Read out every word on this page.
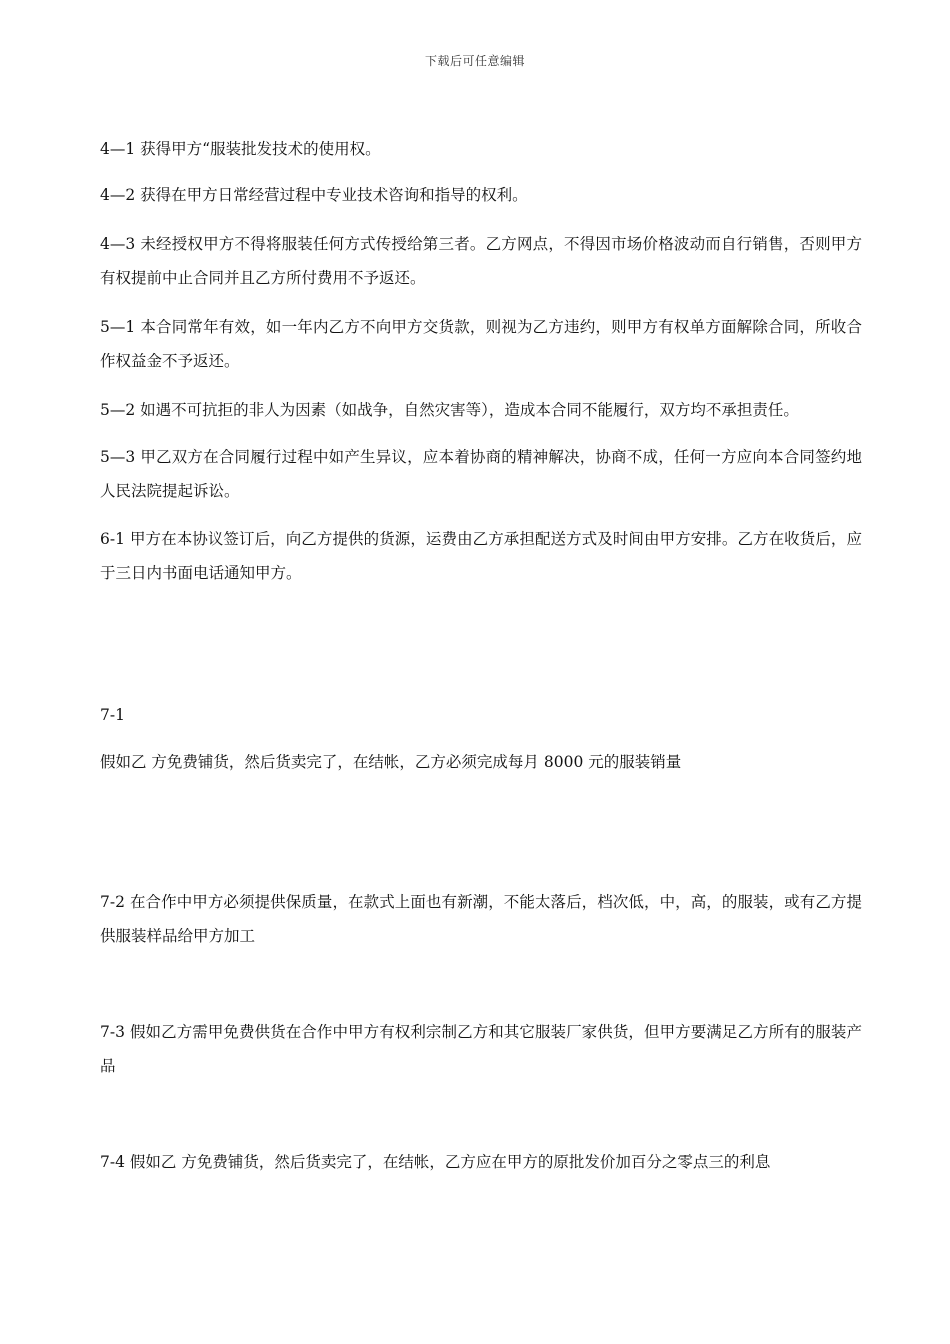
下载后可任意编辑

4—1 获得甲方“服装批发技术的使用权。

4—2 获得在甲方日常经营过程中专业技术咨询和指导的权利。

4—3 未经授权甲方不得将服装任何方式传授给第三者。乙方网点，不得因市场价格波动而自行销售，否则甲方有权提前中止合同并且乙方所付费用不予返还。

5—1 本合同常年有效，如一年内乙方不向甲方交货款，则视为乙方违约，则甲方有权单方面解除合同，所收合作权益金不予返还。

5—2 如遇不可抗拒的非人为因素（如战争，自然灾害等），造成本合同不能履行，双方均不承担责任。

5—3 甲乙双方在合同履行过程中如产生异议，应本着协商的精神解决，协商不成，任何一方应向本合同签约地人民法院提起诉讼。

6-1 甲方在本协议签订后，向乙方提供的货源，运费由乙方承担配送方式及时间由甲方安排。乙方在收货后，应于三日内书面电话通知甲方。

7-1

假如乙 方免费铺货，然后货卖完了，在结帐，乙方必须完成每月 8000 元的服装销量

7-2 在合作中甲方必须提供保质量，在款式上面也有新潮，不能太落后，档次低，中，高，的服装，或有乙方提供服装样品给甲方加工

7-3 假如乙方需甲免费供货在合作中甲方有权利宗制乙方和其它服装厂家供货，但甲方要满足乙方所有的服装产品

7-4 假如乙 方免费铺货，然后货卖完了，在结帐，乙方应在甲方的原批发价加百分之零点三的利息
